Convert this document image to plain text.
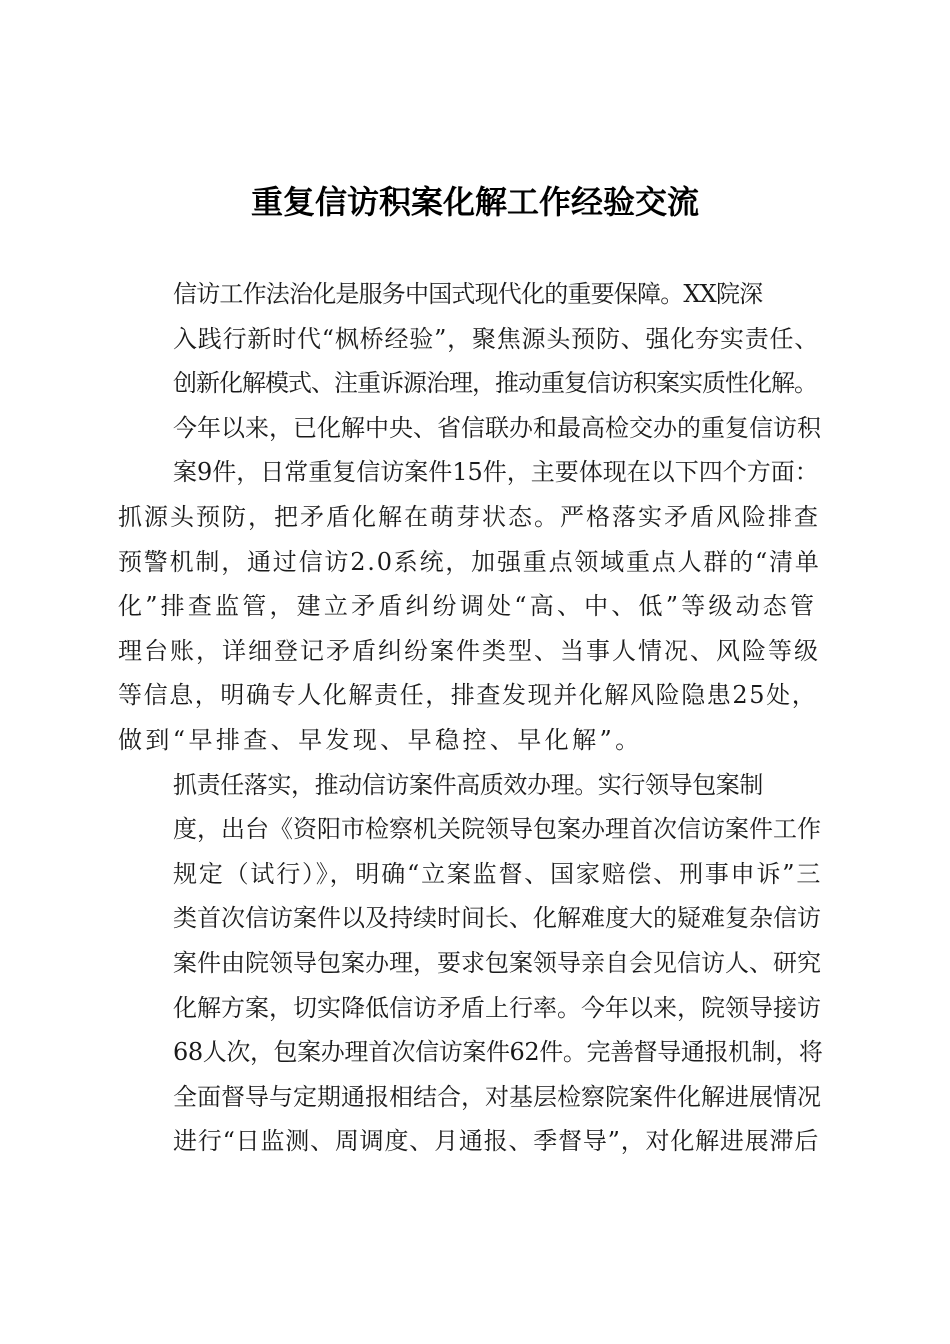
重复信访积案化解工作经验交流

信访工作法治化是服务中国式现代化的重要保障。XX院深
入践行新时代“枫桥经验”，聚焦源头预防、强化夯实责任、
创新化解模式、注重诉源治理，推动重复信访积案实质性化解。
今年以来，已化解中央、省信联办和最高检交办的重复信访积
案9件，日常重复信访案件15件，主要体现在以下四个方面：

抓源头预防，把矛盾化解在萌芽状态。严格落实矛盾风险排查
预警机制，通过信访2.0系统，加强重点领域重点人群的“清单
化”排查监管，建立矛盾纠纷调处“高、中、低”等级动态管
理台账，详细登记矛盾纠纷案件类型、当事人情况、风险等级
等信息，明确专人化解责任，排查发现并化解风险隐患25处，
做到“早排查、早发现、早稳控、早化解”。

抓责任落实，推动信访案件高质效办理。实行领导包案制
度，出台《资阳市检察机关院领导包案办理首次信访案件工作
规定（试行）》，明确“立案监督、国家赔偿、刑事申诉”三
类首次信访案件以及持续时间长、化解难度大的疑难复杂信访
案件由院领导包案办理，要求包案领导亲自会见信访人、研究
化解方案，切实降低信访矛盾上行率。今年以来，院领导接访
68人次，包案办理首次信访案件62件。完善督导通报机制，将
全面督导与定期通报相结合，对基层检察院案件化解进展情况
进行“日监测、周调度、月通报、季督导”，对化解进展滞后
